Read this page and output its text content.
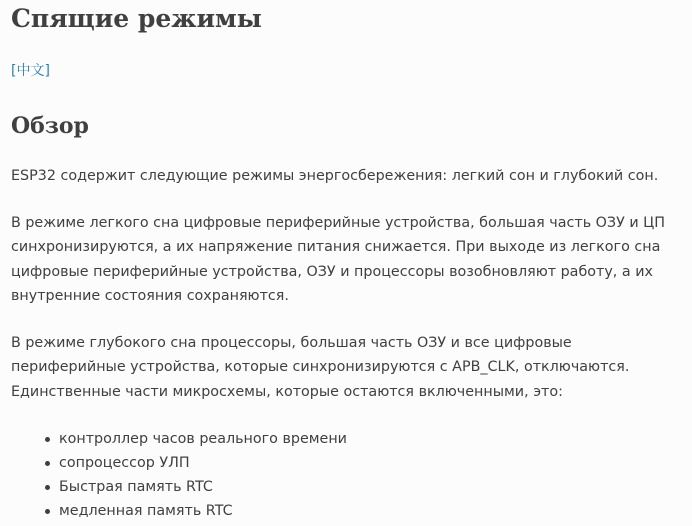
Спящие режимы
[中文]
Обзор

ESP32 содержит следующие режимы энергосбережения: легкий сон и глубокий сон.

В режиме легкого сна цифровые периферийные устройства, большая часть ОЗУ и ЦП синхронизируются, а их напряжение питания снижается. При выходе из легкого сна цифровые периферийные устройства, ОЗУ и процессоры возобновляют работу, а их внутренние состояния сохраняются.

В режиме глубокого сна процессоры, большая часть ОЗУ и все цифровые периферийные устройства, которые синхронизируются с APB_CLK, отключаются. Единственные части микросхемы, которые остаются включенными, это:

контроллер часов реального времени
сопроцессор УЛП
Быстрая память RTC
медленная память RTC
